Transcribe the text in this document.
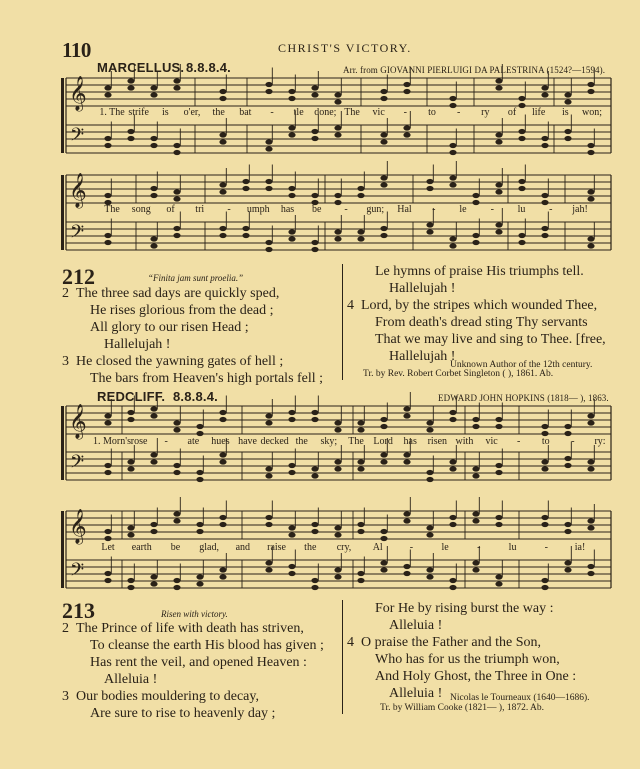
110	CHRIST'S VICTORY.
MARCELLUS. 8.8.8.4.	Arr. from GIOVANNI PIERLUIGI DA PALESTRINA (1524?—1594).
𝄞
𝄢
𝄞
𝄢
𝄞
𝄢
𝄞
𝄢
1. The strife is o'er, the bat - tle done; The vic - to - ry of life is won;
The song of tri - umph has be - gun; Hal - le - lu - jah!
212	“Finita jam sunt proelia.”
2 The three sad days are quickly sped,
He rises glorious from the dead ;
All glory to our risen Head ;
Hallelujah !
3 He closed the yawning gates of hell ;
The bars from Heaven's high portals fell ;
Le hymns of praise His triumphs tell.
Hallelujah !
4 Lord, by the stripes which wounded Thee,
From death's dread sting Thy servants
That we may live and sing to Thee. [free,
Hallelujah !
Unknown Author of the 12th century.
Tr. by Rev. Robert Corbet Singleton ( ), 1861. Ab.
REDCLIFF. 8.8.8.4.	EDWARD JOHN HOPKINS (1818— ), 1863.
1. Morn's rose - ate hues have decked the sky; The Lord has risen with vic - to - ry:
Let earth be glad, and raise the cry, Al	-	le	-	lu	-	ia!
213	Risen with victory.
2 The Prince of life with death has striven,
To cleanse the earth His blood has given ;
Has rent the veil, and opened Heaven :
Alleluia !
3 Our bodies mouldering to decay,
Are sure to rise to heavenly day ;
For He by rising burst the way :
Alleluia !
4 O praise the Father and the Son,
Who has for us the triumph won,
And Holy Ghost, the Three in One :
Alleluia ! Nicolas le Tourneaux (1640—1686).
Tr. by William Cooke (1821— ), 1872. Ab.
